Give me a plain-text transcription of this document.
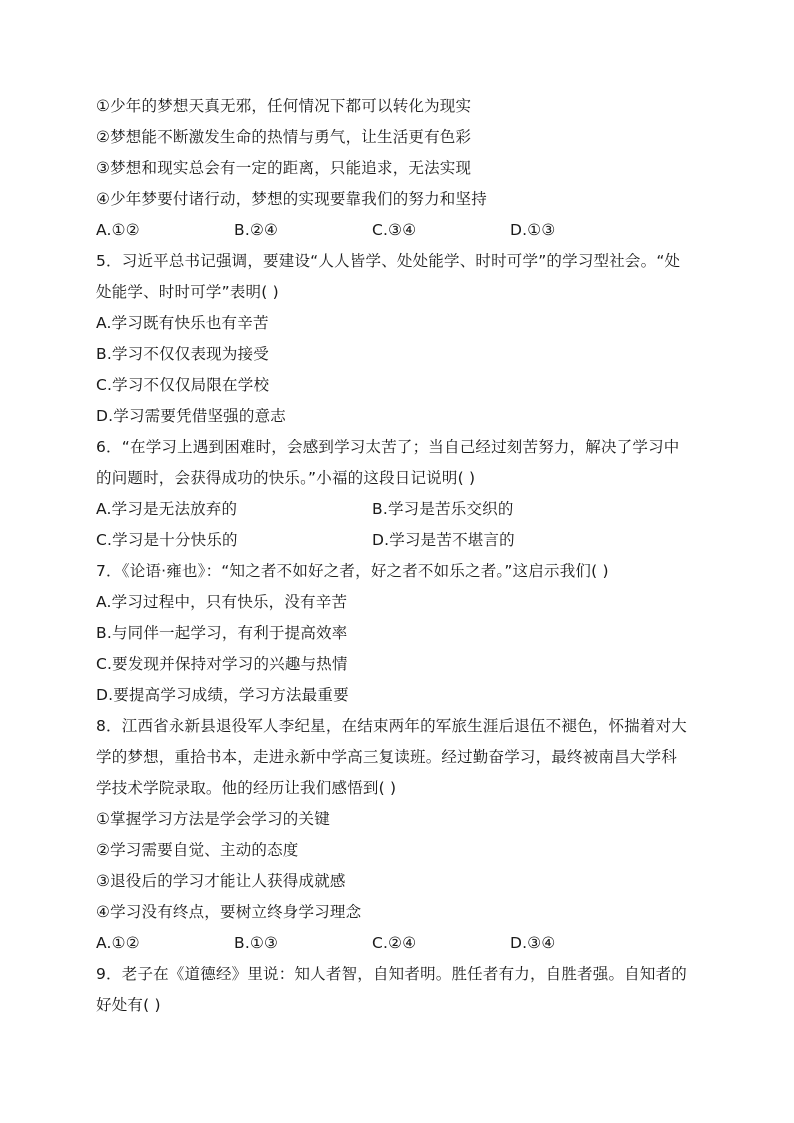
①少年的梦想天真无邪，任何情况下都可以转化为现实
②梦想能不断激发生命的热情与勇气，让生活更有色彩
③梦想和现实总会有一定的距离，只能追求，无法实现
④少年梦要付诸行动，梦想的实现要靠我们的努力和坚持
A.①②	B.②④	C.③④	D.①③
5．习近平总书记强调，要建设“人人皆学、处处能学、时时可学”的学习型社会。“处
处能学、时时可学”表明( )
A.学习既有快乐也有辛苦
B.学习不仅仅表现为接受
C.学习不仅仅局限在学校
D.学习需要凭借坚强的意志
6．“在学习上遇到困难时，会感到学习太苦了；当自己经过刻苦努力，解决了学习中
的问题时，会获得成功的快乐。”小福的这段日记说明( )
A.学习是无法放弃的	B.学习是苦乐交织的
C.学习是十分快乐的	D.学习是苦不堪言的
7．《论语·雍也》：“知之者不如好之者，好之者不如乐之者。”这启示我们( )
A.学习过程中，只有快乐，没有辛苦
B.与同伴一起学习，有利于提高效率
C.要发现并保持对学习的兴趣与热情
D.要提高学习成绩，学习方法最重要
8．江西省永新县退役军人李纪星，在结束两年的军旅生涯后退伍不褪色，怀揣着对大
学的梦想，重拾书本，走进永新中学高三复读班。经过勤奋学习，最终被南昌大学科
学技术学院录取。他的经历让我们感悟到( )
①掌握学习方法是学会学习的关键
②学习需要自觉、主动的态度
③退役后的学习才能让人获得成就感
④学习没有终点，要树立终身学习理念
A.①②	B.①③	C.②④	D.③④
9．老子在《道德经》里说：知人者智，自知者明。胜任者有力，自胜者强。自知者的
好处有( )
